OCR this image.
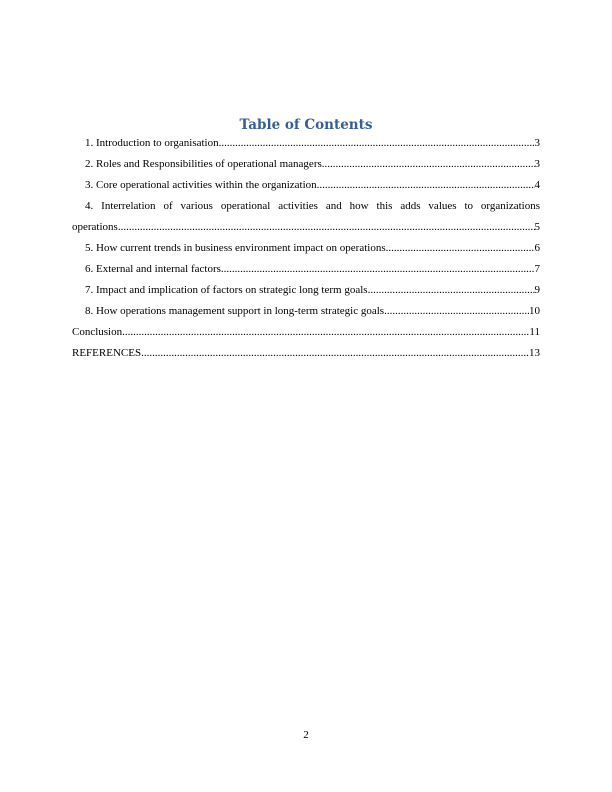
Table of Contents
1. Introduction to organisation .....	3
2. Roles and Responsibilities of operational managers .....	3
3. Core operational activities within the organization .....	4
4. Interrelation of various operational activities and how this adds values to organizations
operations .....	5
5. How current trends in business environment impact on operations .....	6
6. External and internal factors .....	7
7. Impact and implication of factors on strategic long term goals .....	9
8. How operations management support in long-term strategic goals .....	10
Conclusion .....	11
REFERENCES .....	13
2
